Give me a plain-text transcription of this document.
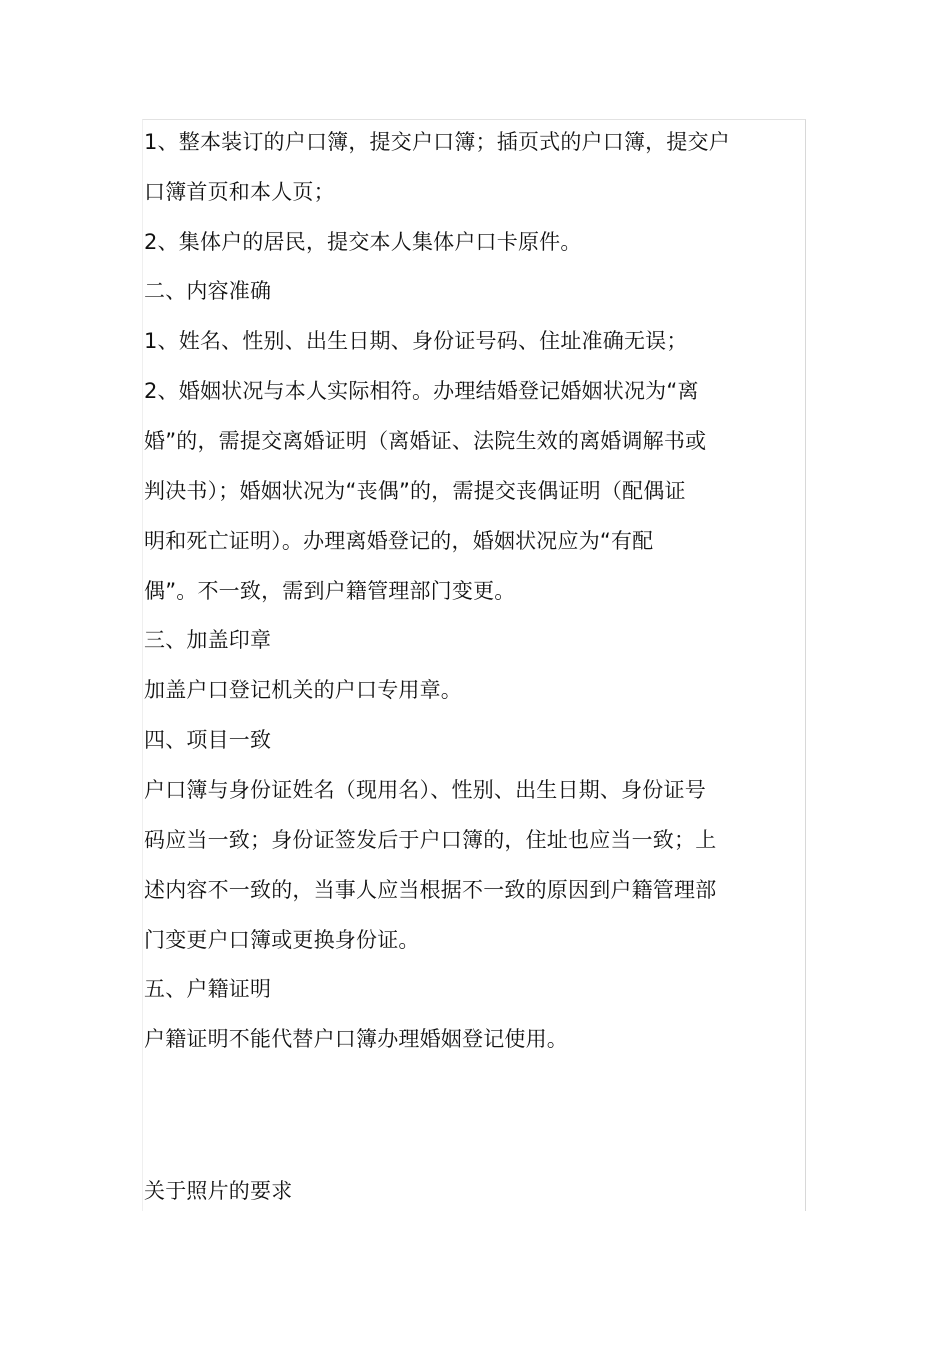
1、整本装订的户口簿，提交户口簿；插页式的户口簿，提交户
口簿首页和本人页；
2、集体户的居民，提交本人集体户口卡原件。
二、内容准确
1、姓名、性别、出生日期、身份证号码、住址准确无误；
2、婚姻状况与本人实际相符。办理结婚登记婚姻状况为“离
婚”的，需提交离婚证明（离婚证、法院生效的离婚调解书或
判决书）；婚姻状况为“丧偶”的，需提交丧偶证明（配偶证
明和死亡证明）。办理离婚登记的，婚姻状况应为“有配
偶”。不一致，需到户籍管理部门变更。
三、加盖印章
加盖户口登记机关的户口专用章。
四、项目一致
户口簿与身份证姓名（现用名）、性别、出生日期、身份证号
码应当一致；身份证签发后于户口簿的，住址也应当一致；上
述内容不一致的，当事人应当根据不一致的原因到户籍管理部
门变更户口簿或更换身份证。
五、户籍证明
户籍证明不能代替户口簿办理婚姻登记使用。
关于照片的要求
